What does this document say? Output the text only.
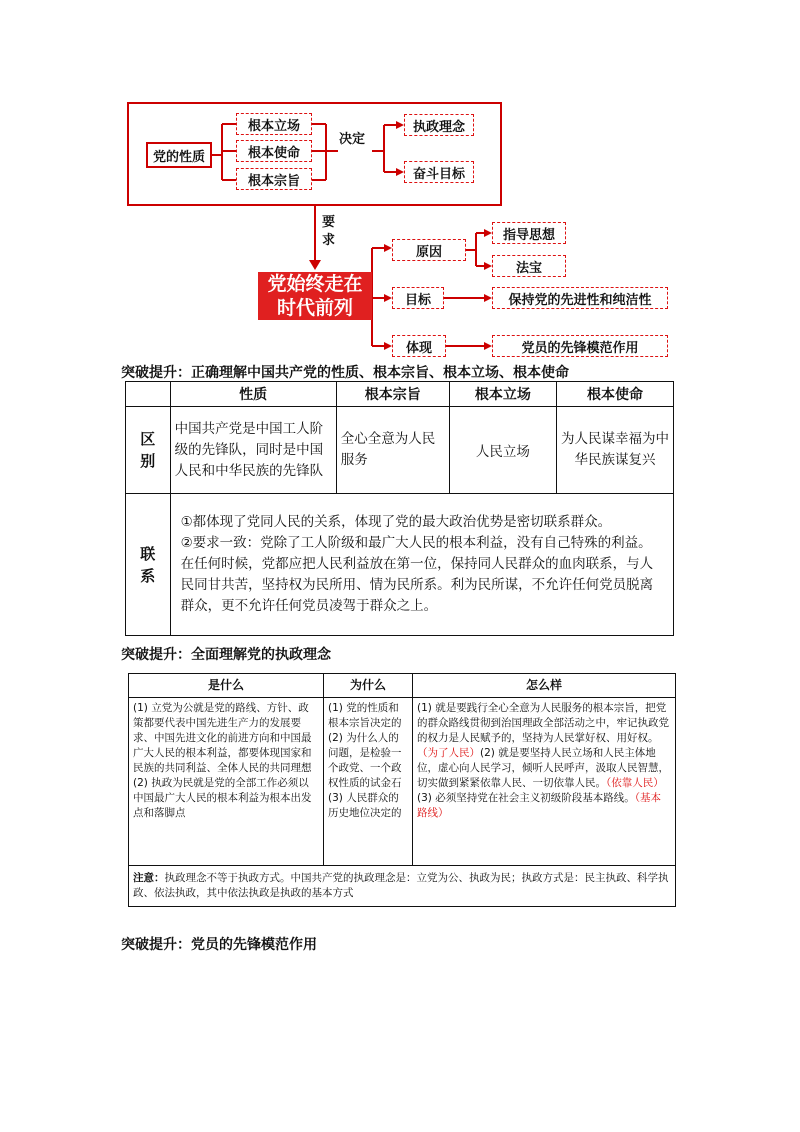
党的性质
根本立场
根本使命
根本宗旨
决定
执政理念
奋斗目标
要求
党始终走在
时代前列
原因
指导思想
法宝
目标	保持党的先进性和纯洁性
体现	党员的先锋模范作用
突破提升：正确理解中国共产党的性质、根本宗旨、根本立场、根本使命
	性质	根本宗旨	根本立场	根本使命

区别	中国共产党是中国工人阶级的先锋队，同时是中国人民和中华民族的先锋队	全心全意为人民服务	人民立场	为人民谋幸福为中华民族谋复兴

联系	①都体现了党同人民的关系，体现了党的最大政治优势是密切联系群众。
②要求一致：党除了工人阶级和最广大人民的根本利益，没有自己特殊的利益。在任何时候，党都应把人民利益放在第一位，保持同人民群众的血肉联系，与人民同甘共苦，坚持权为民所用、情为民所系。利为民所谋，不允许任何党员脱离群众，更不允许任何党员凌驾于群众之上。			
突破提升：全面理解党的执政理念
是什么	为什么	怎么样
(1) 立党为公就是党的路线、方针、政策都要代表中国先进生产力的发展要求、中国先进文化的前进方向和中国最广大人民的根本利益，都要体现国家和民族的共同利益、全体人民的共同理想(2) 执政为民就是党的全部工作必须以中国最广大人民的根本利益为根本出发点和落脚点	(1) 党的性质和根本宗旨决定的(2) 为什么人的问题，是检验一个政党、一个政权性质的试金石(3) 人民群众的历史地位决定的	(1) 就是要践行全心全意为人民服务的根本宗旨，把党的群众路线贯彻到治国理政全部活动之中，牢记执政党的权力是人民赋予的，坚持为人民掌好权、用好权。（为了人民）(2) 就是要坚持人民立场和人民主体地位，虚心向人民学习，倾听人民呼声，汲取人民智慧，切实做到紧紧依靠人民、一切依靠人民。（依靠人民）(3) 必须坚持党在社会主义初级阶段基本路线。（基本路线）
注意：执政理念不等于执政方式。中国共产党的执政理念是：立党为公、执政为民；执政方式是：民主执政、科学执政、依法执政，其中依法执政是执政的基本方式		
突破提升：党员的先锋模范作用
